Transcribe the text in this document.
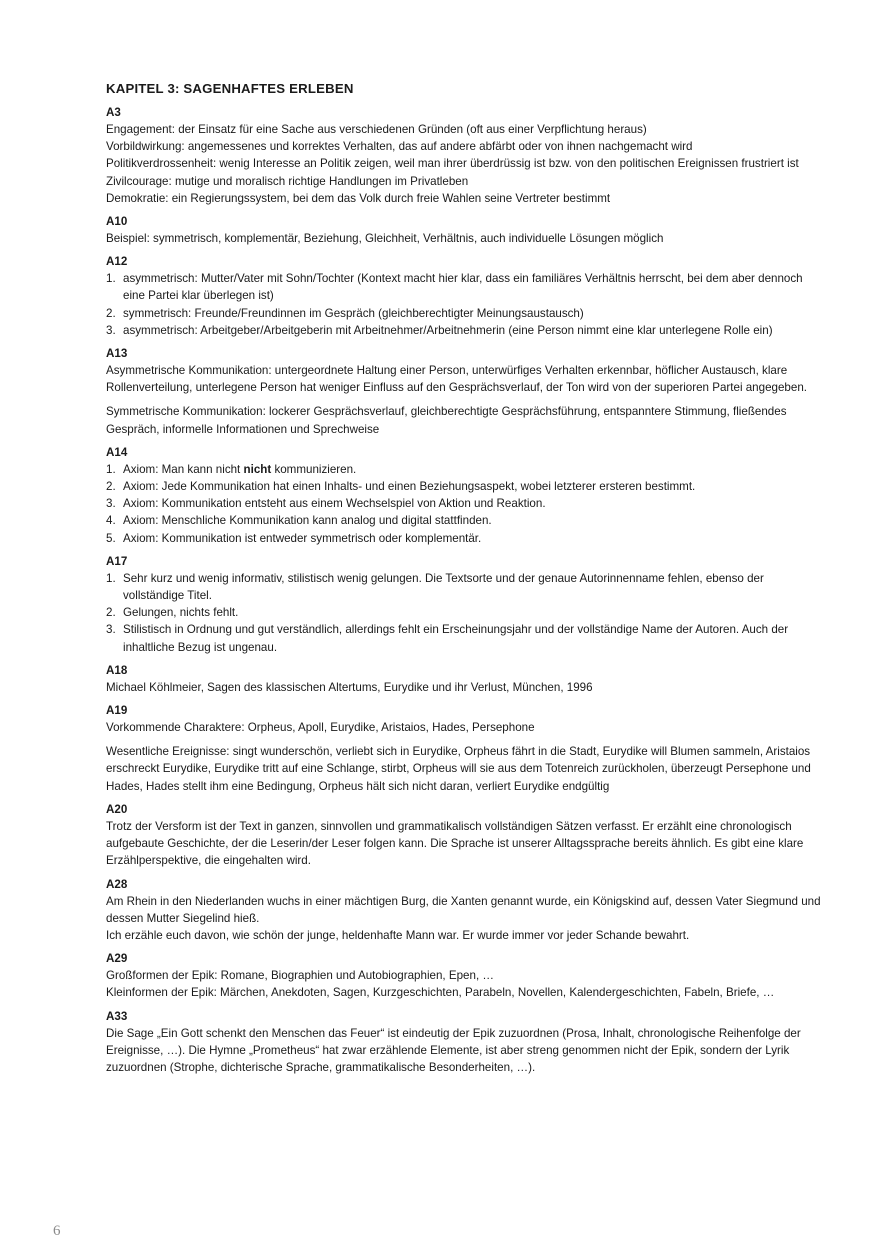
KAPITEL 3: SAGENHAFTES ERLEBEN
A3
Engagement: der Einsatz für eine Sache aus verschiedenen Gründen (oft aus einer Verpflichtung heraus)
Vorbildwirkung: angemessenes und korrektes Verhalten, das auf andere abfärbt oder von ihnen nachgemacht wird
Politikverdrossenheit: wenig Interesse an Politik zeigen, weil man ihrer überdrüssig ist bzw. von den politischen Ereignissen frustriert ist
Zivilcourage: mutige und moralisch richtige Handlungen im Privatleben
Demokratie: ein Regierungssystem, bei dem das Volk durch freie Wahlen seine Vertreter bestimmt
A10
Beispiel: symmetrisch, komplementär, Beziehung, Gleichheit, Verhältnis, auch individuelle Lösungen möglich
A12
1. asymmetrisch: Mutter/Vater mit Sohn/Tochter (Kontext macht hier klar, dass ein familiäres Verhältnis herrscht, bei dem aber dennoch eine Partei klar überlegen ist)
2. symmetrisch: Freunde/Freundinnen im Gespräch (gleichberechtigter Meinungsaustausch)
3. asymmetrisch: Arbeitgeber/Arbeitgeberin mit Arbeitnehmer/Arbeitnehmerin (eine Person nimmt eine klar unterlegene Rolle ein)
A13
Asymmetrische Kommunikation: untergeordnete Haltung einer Person, unterwürfiges Verhalten erkennbar, höflicher Austausch, klare Rollenverteilung, unterlegene Person hat weniger Einfluss auf den Gesprächsverlauf, der Ton wird von der superioren Partei angegeben.
Symmetrische Kommunikation: lockerer Gesprächsverlauf, gleichberechtigte Gesprächsführung, entspanntere Stimmung, fließendes Gespräch, informelle Informationen und Sprechweise
A14
1. Axiom: Man kann nicht nicht kommunizieren.
2. Axiom: Jede Kommunikation hat einen Inhalts- und einen Beziehungsaspekt, wobei letzterer ersteren bestimmt.
3. Axiom: Kommunikation entsteht aus einem Wechselspiel von Aktion und Reaktion.
4. Axiom: Menschliche Kommunikation kann analog und digital stattfinden.
5. Axiom: Kommunikation ist entweder symmetrisch oder komplementär.
A17
1. Sehr kurz und wenig informativ, stilistisch wenig gelungen. Die Textsorte und der genaue Autorinnenname fehlen, ebenso der vollständige Titel.
2. Gelungen, nichts fehlt.
3. Stilistisch in Ordnung und gut verständlich, allerdings fehlt ein Erscheinungsjahr und der vollständige Name der Autoren. Auch der inhaltliche Bezug ist ungenau.
A18
Michael Köhlmeier, Sagen des klassischen Altertums, Eurydike und ihr Verlust, München, 1996
A19
Vorkommende Charaktere: Orpheus, Apoll, Eurydike, Aristaios, Hades, Persephone
Wesentliche Ereignisse: singt wunderschön, verliebt sich in Eurydike, Orpheus fährt in die Stadt, Eurydike will Blumen sammeln, Aristaios erschreckt Eurydike, Eurydike tritt auf eine Schlange, stirbt, Orpheus will sie aus dem Totenreich zurückholen, überzeugt Persephone und Hades, Hades stellt ihm eine Bedingung, Orpheus hält sich nicht daran, verliert Eurydike endgültig
A20
Trotz der Versform ist der Text in ganzen, sinnvollen und grammatikalisch vollständigen Sätzen verfasst. Er erzählt eine chronologisch aufgebaute Geschichte, der die Leserin/der Leser folgen kann. Die Sprache ist unserer Alltagssprache bereits ähnlich. Es gibt eine klare Erzählperspektive, die eingehalten wird.
A28
Am Rhein in den Niederlanden wuchs in einer mächtigen Burg, die Xanten genannt wurde, ein Königskind auf, dessen Vater Siegmund und dessen Mutter Siegelind hieß.
Ich erzähle euch davon, wie schön der junge, heldenhafte Mann war. Er wurde immer vor jeder Schande bewahrt.
A29
Großformen der Epik: Romane, Biographien und Autobiographien, Epen, …
Kleinformen der Epik: Märchen, Anekdoten, Sagen, Kurzgeschichten, Parabeln, Novellen, Kalendergeschichten, Fabeln, Briefe, …
A33
Die Sage „Ein Gott schenkt den Menschen das Feuer“ ist eindeutig der Epik zuzuordnen (Prosa, Inhalt, chronologische Reihenfolge der Ereignisse, …). Die Hymne „Prometheus“ hat zwar erzählende Elemente, ist aber streng genommen nicht der Epik, sondern der Lyrik zuzuordnen (Strophe, dichterische Sprache, grammatikalische Besonderheiten, …).
6
